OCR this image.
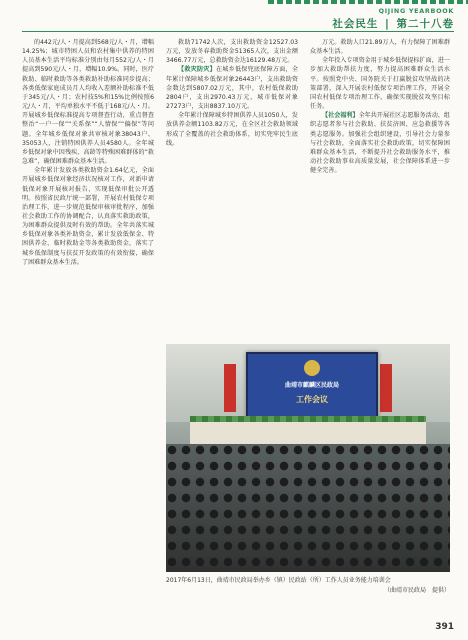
QIJING YEARBOOK
社会民生 | 第二十八卷

的442元/人・月提高到568元/人・月，增幅14.25%；城市特困人员和农村集中供养的特困人员基本生活平均标准分别由每月552元/人・月提高到590元/人・月，增幅10.9%。同时，医疗救助、临时救助等各类救助补助标准同步提高；各类低保家庭成员月人均收入差额补助标准不低于345元/人・月；农村技5%和15%比例按照6元/人・月，平均单独水平不低于168元/人・月。开展城乡低保标准提高专项督查行动，重点督查整治“一户一保”“关系保”“人情保”“偏保”等问题。全年城乡低保对象共审核对象38043户、35053人，注销特困供养人员4580人。全年城乡低保对象中因残疾、高龄等特殊困难群体的“救急难”，确保困难群众基本生活。

全年累计发放各类救助资金1.64亿元，全面开展城乡低保对象经济状况核对工作，对新申请低保对象开展核对报告，实现低保审批公开透明。按照省民政厅统一部署，开展农村低保专项治理工作，进一步规范低保审核审批程序，加强社会救助工作的协调配合，认真落实救助政策，为困难群众提供及时有效的帮助。全年共落实城乡低保对象各类补助资金，累计发放低保金、特困供养金、临时救助金等各类救助资金，落实了城乡低保制度与扶贫开发政策的有效衔接，确保了困难群众基本生活。

救助71742人次，支出救助资金12527.03万元，发放冬春救助资金51365人次，支出金额3466.77万元，总救助资金达16129.48万元。

【救灾防灾】在城乡低保兜底保障方面，全年累计保障城乡低保对象26443户，支出救助资金数达到5807.02万元，其中，农村低保救助2804户，支出2970.43万元，城市低保对象27273户，支出8837.10万元。

全年累计保障城乡特困供养人员1050人，发放供养金额1103.82万元，在全区社会救助领域形成了全覆盖的社会救助体系，切实兜牢民生底线。

万元。救助人口21.89万人，有力保障了困难群众基本生活。

全年投入专项资金用于城乡低保提标扩面，进一步加大救助帮扶力度，努力提高困难群众生活水平。按照党中央、国务院关于打赢脱贫攻坚战的决策部署，深入开展农村低保专项治理工作，开展全国农村低保专项治理工作，确保实现脱贫攻坚目标任务。

【社会福利】全年共开展社区志愿服务活动，组织志愿者参与社会救助、扶贫济困、应急救援等各类志愿服务。加强社会组织建设，引导社会力量参与社会救助，全面落实社会救助政策，切实保障困难群众基本生活，不断提升社会救助服务水平，推动社会救助事业高质量发展，社会保障体系进一步健全完善。

曲靖市麒麟区民政局
工作会议
2017年6月13日，曲靖市民政局举办乡（镇）民政站（所）工作人员业务能力培训会
（曲靖市民政局　提供）
391
